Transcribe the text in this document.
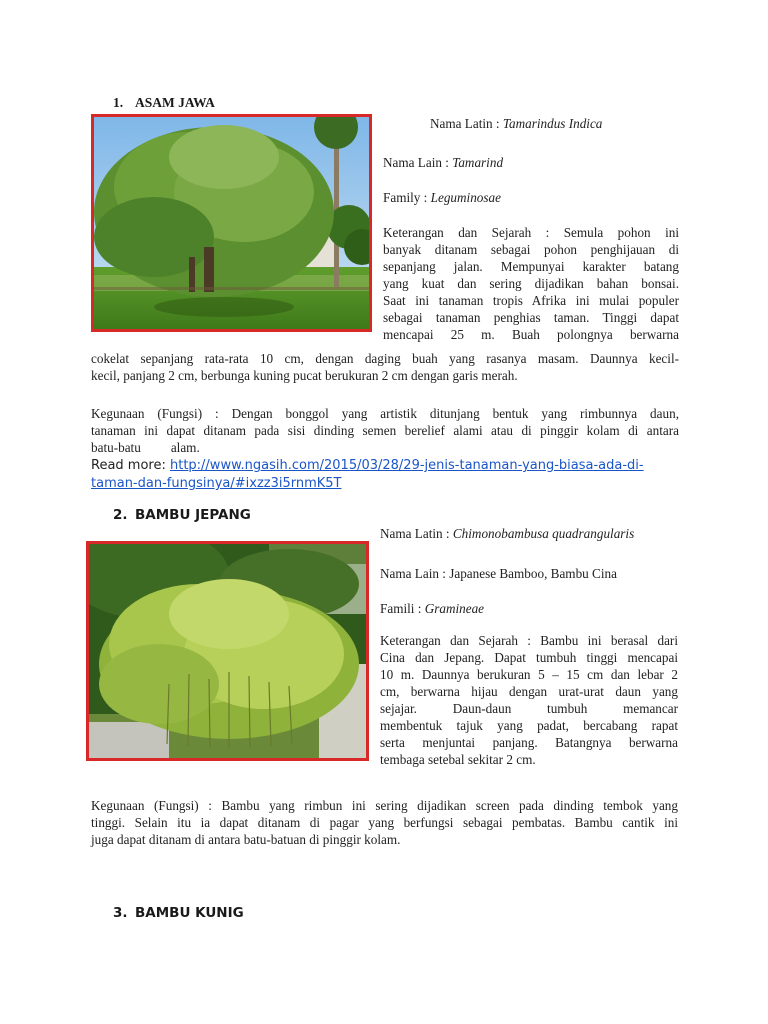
1. ASAM JAWA
Nama Latin : Tamarindus Indica
Nama Lain : Tamarind
Family : Leguminosae
Keterangan dan Sejarah : Semula pohon ini
banyak ditanam sebagai pohon penghijauan di
sepanjang jalan. Mempunyai karakter batang
yang kuat dan sering dijadikan bahan bonsai.
Saat ini tanaman tropis Afrika ini mulai populer
sebagai tanaman penghias taman. Tinggi dapat
mencapai 25 m. Buah polongnya berwarna
cokelat sepanjang rata-rata 10 cm, dengan daging buah yang rasanya masam. Daunnya kecil-
kecil, panjang 2 cm, berbunga kuning pucat berukuran 2 cm dengan garis merah.
Kegunaan (Fungsi) : Dengan bonggol yang artistik ditunjang bentuk yang rimbunnya daun,
tanaman ini dapat ditanam pada sisi dinding semen berelief alami atau di pinggir kolam di antara
batu-batu alam.
Read more: http://www.ngasih.com/2015/03/28/29-jenis-tanaman-yang-biasa-ada-di-
taman-dan-fungsinya/#ixzz3i5rnmK5T
2. BAMBU JEPANG
Nama Latin : Chimonobambusa quadrangularis
Nama Lain : Japanese Bamboo, Bambu Cina
Famili : Gramineae
Keterangan dan Sejarah : Bambu ini berasal dari
Cina dan Jepang. Dapat tumbuh tinggi mencapai
10 m. Daunnya berukuran 5 – 15 cm dan lebar 2
cm, berwarna hijau dengan urat-urat daun yang
sejajar. Daun-daun tumbuh memancar
membentuk tajuk yang padat, bercabang rapat
serta menjuntai panjang. Batangnya berwarna
tembaga setebal sekitar 2 cm.
Kegunaan (Fungsi) : Bambu yang rimbun ini sering dijadikan screen pada dinding tembok yang
tinggi. Selain itu ia dapat ditanam di pagar yang berfungsi sebagai pembatas. Bambu cantik ini
juga dapat ditanam di antara batu-batuan di pinggir kolam.
3. BAMBU KUNIG
